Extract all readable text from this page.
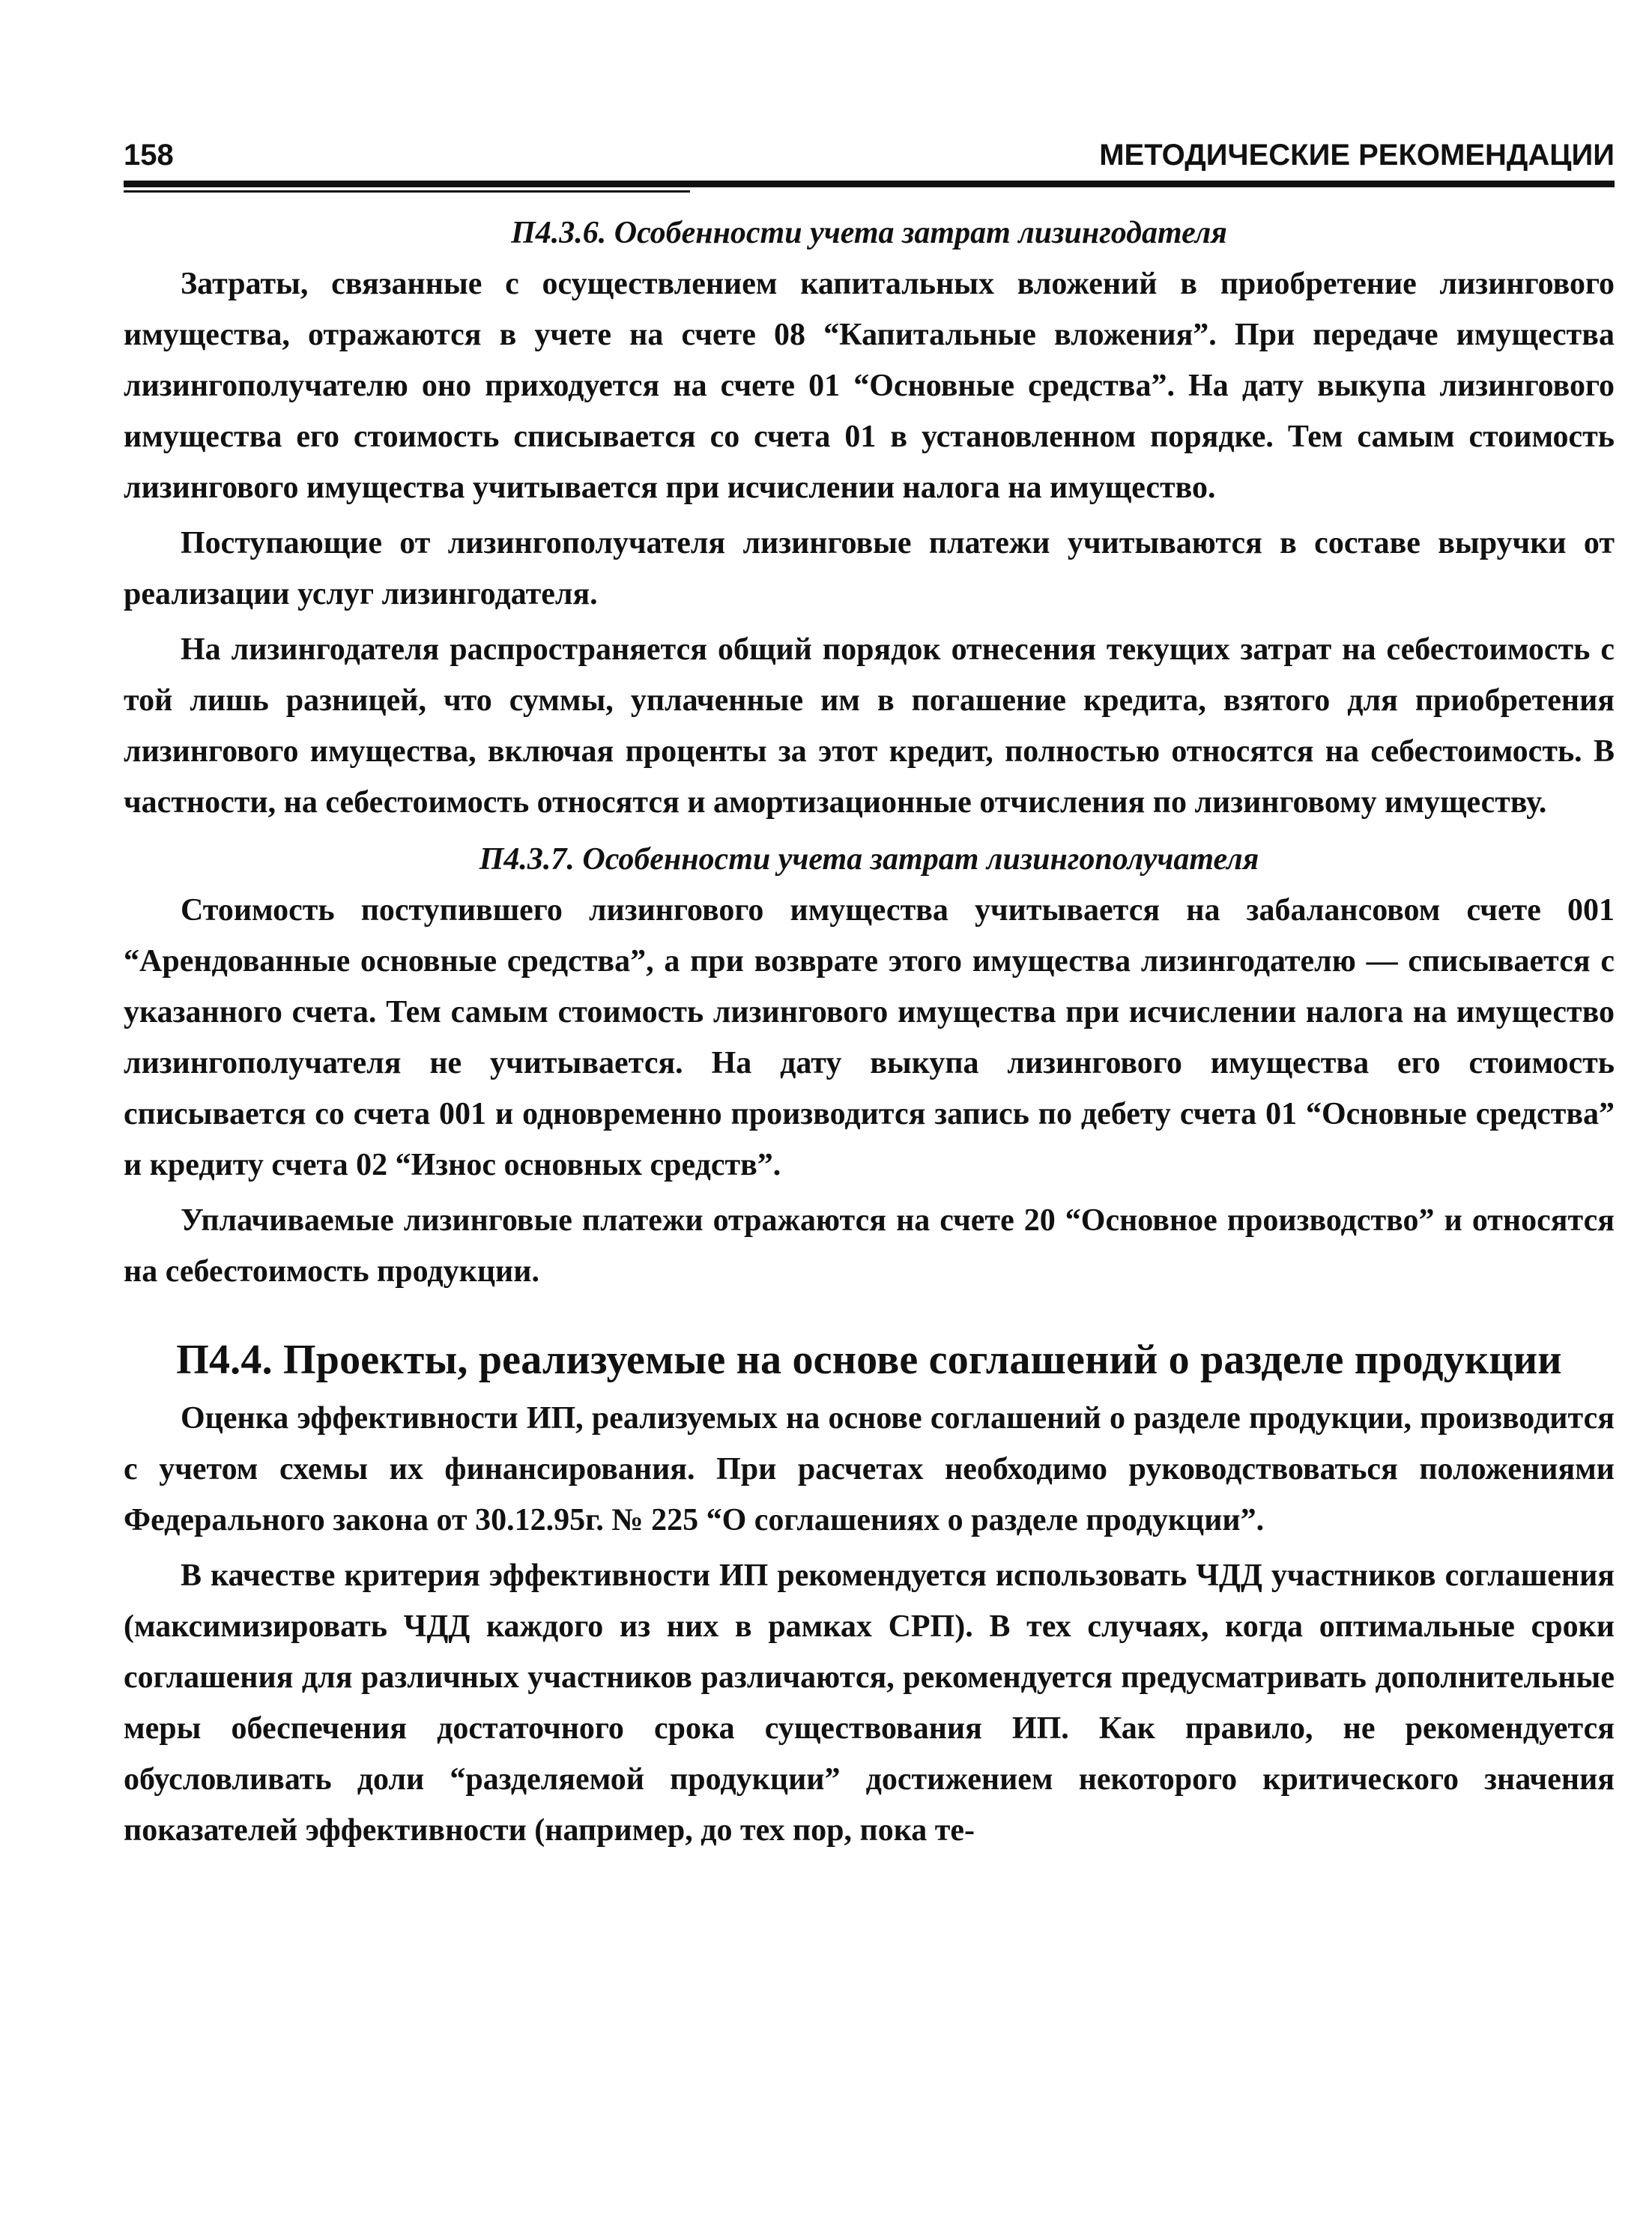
158	МЕТОДИЧЕСКИЕ РЕКОМЕНДАЦИИ
П4.3.6. Особенности учета затрат лизингодателя

Затраты, связанные с осуществлением капитальных вложений в приобретение лизингового имущества, отражаются в учете на счете 08 “Капитальные вложения”. При передаче имущества лизингополучателю оно приходуется на счете 01 “Основные средства”. На дату выкупа лизингового имущества его стоимость списывается со счета 01 в установленном порядке. Тем самым стоимость лизингового имущества учитывается при исчислении налога на имущество.

Поступающие от лизингополучателя лизинговые платежи учитываются в составе выручки от реализации услуг лизингодателя.

На лизингодателя распространяется общий порядок отнесения текущих затрат на себестоимость с той лишь разницей, что суммы, уплаченные им в погашение кредита, взятого для приобретения лизингового имущества, включая проценты за этот кредит, полностью относятся на себестоимость. В частности, на себестоимость относятся и амортизационные отчисления по лизинговому имуществу.

П4.3.7. Особенности учета затрат лизингополучателя

Стоимость поступившего лизингового имущества учитывается на забалансовом счете 001 “Арендованные основные средства”, а при возврате этого имущества лизингодателю — списывается с указанного счета. Тем самым стоимость лизингового имущества при исчислении налога на имущество лизингополучателя не учитывается. На дату выкупа лизингового имущества его стоимость списывается со счета 001 и одновременно производится запись по дебету счета 01 “Основные средства” и кредиту счета 02 “Износ основных средств”.

Уплачиваемые лизинговые платежи отражаются на счете 20 “Основное производство” и относятся на себестоимость продукции.

П4.4. Проекты, реализуемые на основе соглашений о разделе продукции

Оценка эффективности ИП, реализуемых на основе соглашений о разделе продукции, производится с учетом схемы их финансирования. При расчетах необходимо руководствоваться положениями Федерального закона от 30.12.95г. № 225 “О соглашениях о разделе продукции”.

В качестве критерия эффективности ИП рекомендуется использовать ЧДД участников соглашения (максимизировать ЧДД каждого из них в рамках СРП). В тех случаях, когда оптимальные сроки соглашения для различных участников различаются, рекомендуется предусматривать дополнительные меры обеспечения достаточного срока существования ИП. Как правило, не рекомендуется обусловливать доли “разделяемой продукции” достижением некоторого критического значения показателей эффективности (например, до тех пор, пока те-
